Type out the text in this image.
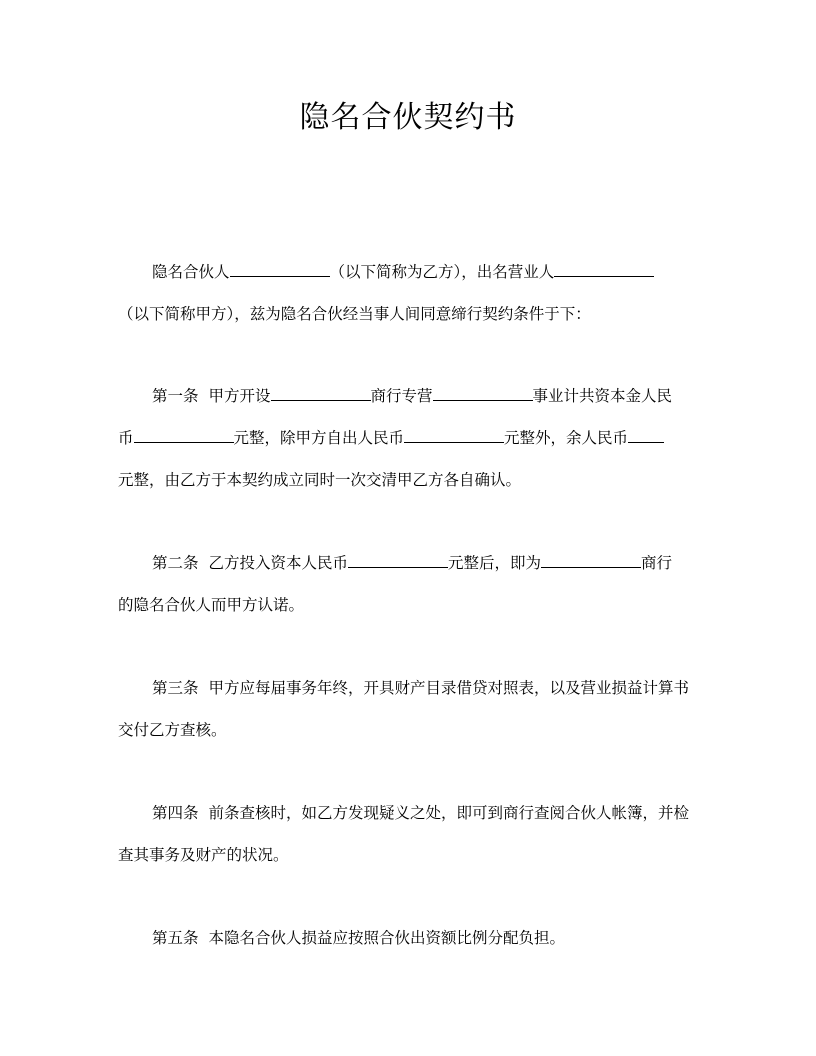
隐名合伙契约书
隐名合伙人	（以下简称为乙方），出名营业人
（以下简称甲方），兹为隐名合伙经当事人间同意缔行契约条件于下：
第一条 甲方开设	商行专营	事业计共资本金人民
币	元整，除甲方自出人民币	元整外，余人民币
元整，由乙方于本契约成立同时一次交清甲乙方各自确认。
第二条 乙方投入资本人民币	元整后，即为	商行
的隐名合伙人而甲方认诺。
第三条 甲方应每届事务年终，开具财产目录借贷对照表，以及营业损益计算书
交付乙方查核。
第四条 前条查核时，如乙方发现疑义之处，即可到商行查阅合伙人帐簿，并检
查其事务及财产的状况。
第五条 本隐名合伙人损益应按照合伙出资额比例分配负担。
